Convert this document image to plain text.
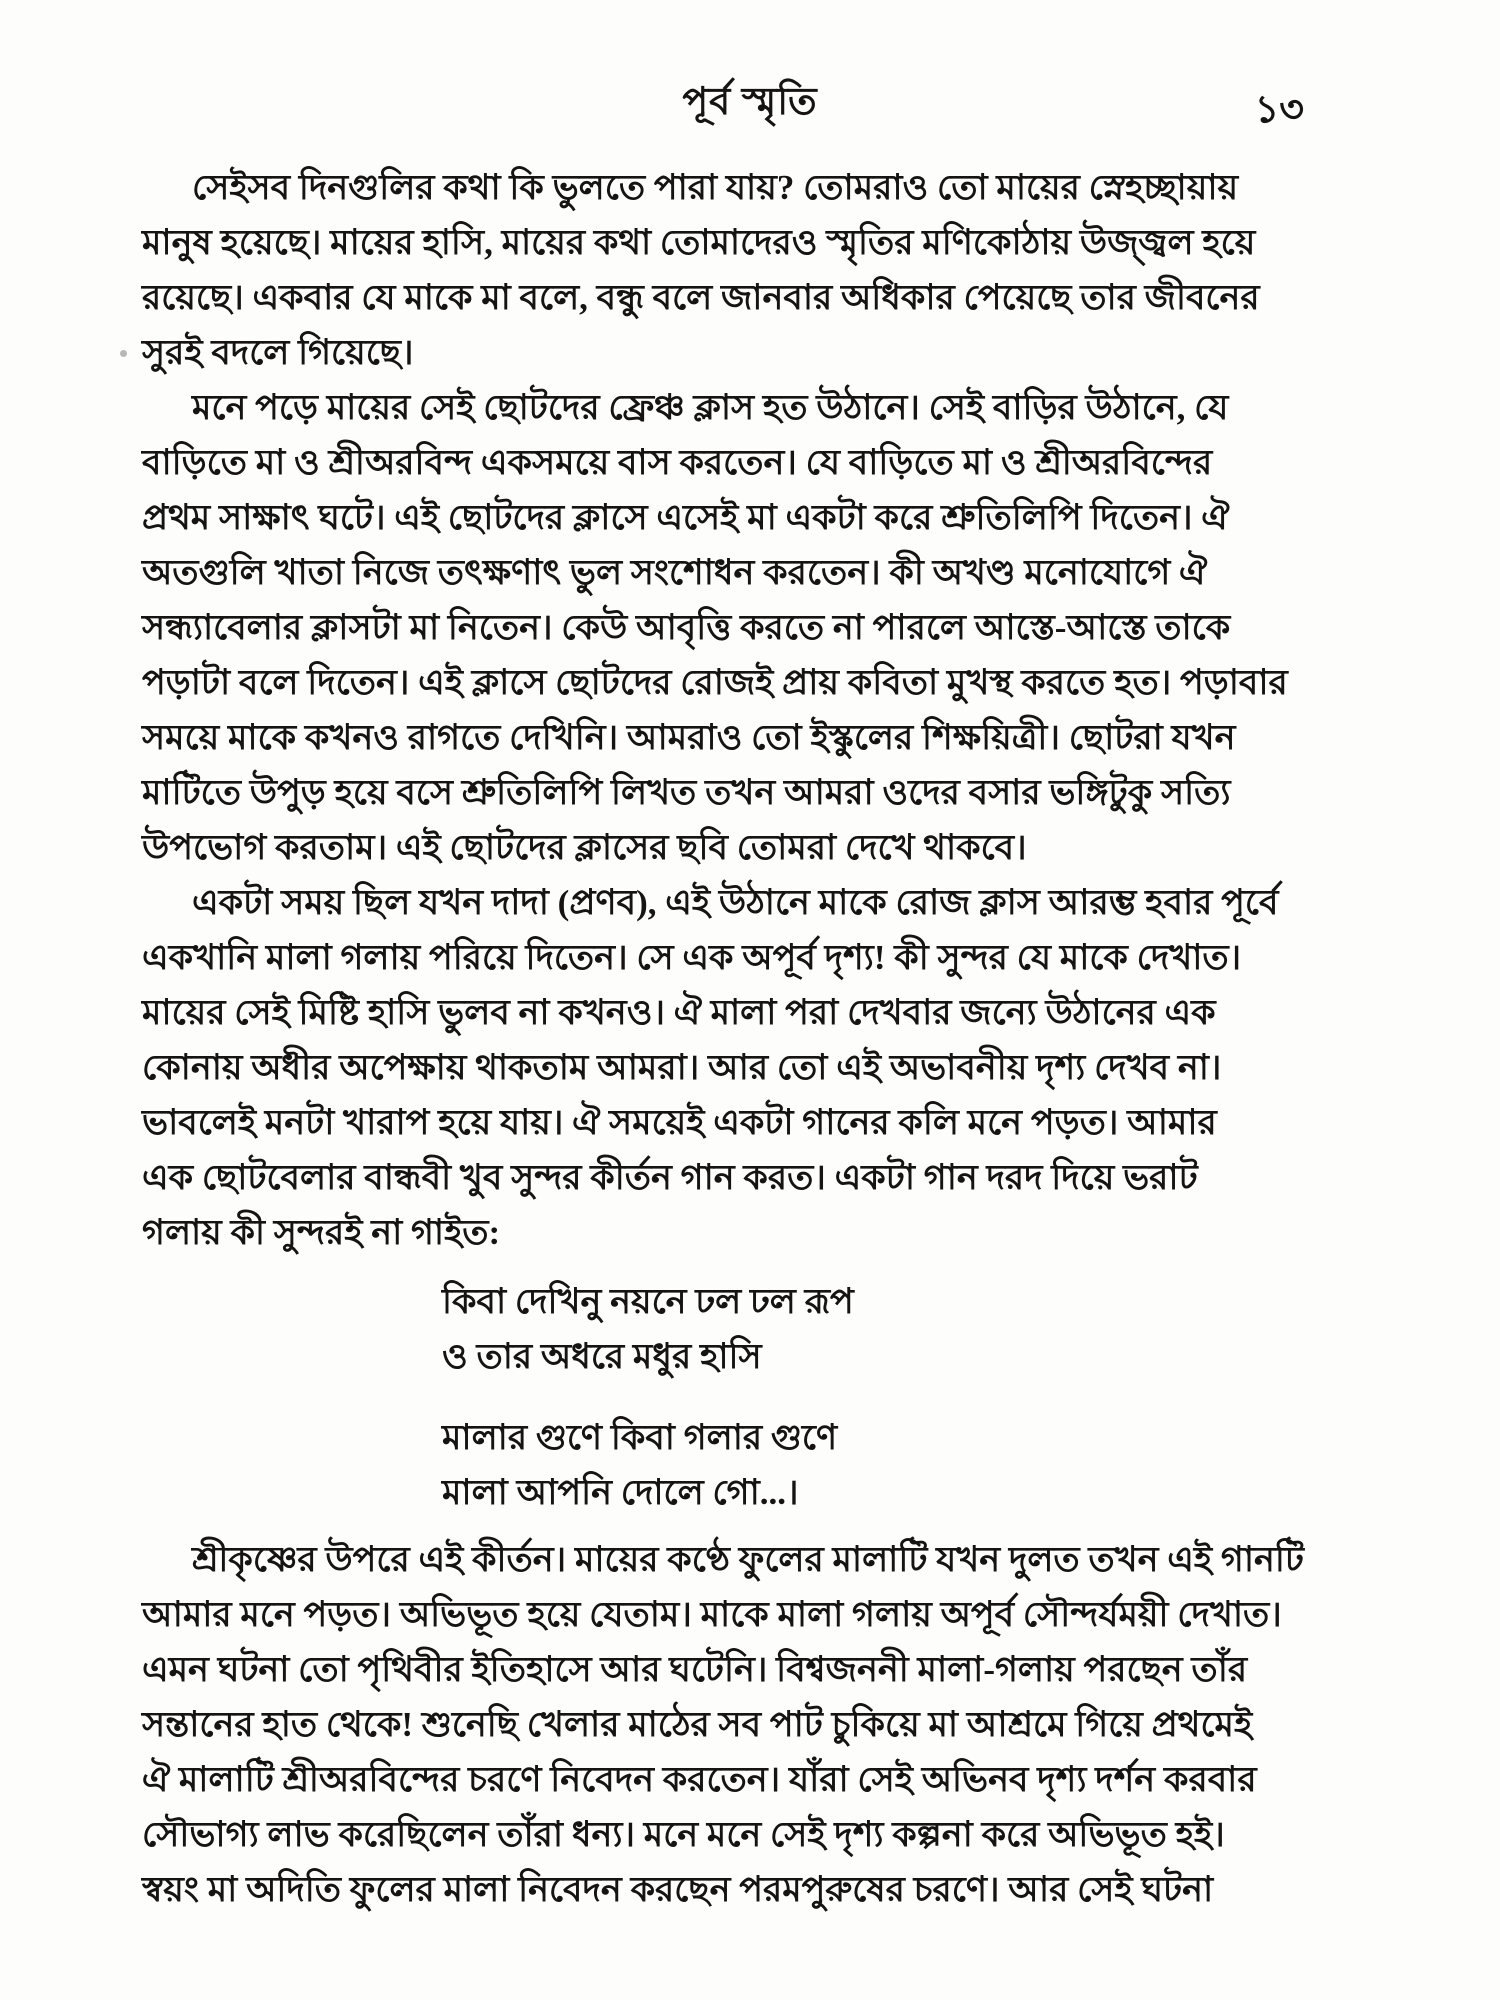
পূর্ব স্মৃতি	১৩
সেইসব দিনগুলির কথা কি ভুলতে পারা যায়? তোমরাও তো মায়ের স্নেহচ্ছায়ায়
মানুষ হয়েছে। মায়ের হাসি, মায়ের কথা তোমাদেরও স্মৃতির মণিকোঠায় উজ্জ্বল হয়ে
রয়েছে। একবার যে মাকে মা বলে, বন্ধু বলে জানবার অধিকার পেয়েছে তার জীবনের
সুরই বদলে গিয়েছে।
মনে পড়ে মায়ের সেই ছোটদের ফ্রেঞ্চ ক্লাস হত উঠানে। সেই বাড়ির উঠানে, যে
বাড়িতে মা ও শ্রীঅরবিন্দ একসময়ে বাস করতেন। যে বাড়িতে মা ও শ্রীঅরবিন্দের
প্রথম সাক্ষাৎ ঘটে। এই ছোটদের ক্লাসে এসেই মা একটা করে শ্রুতিলিপি দিতেন। ঐ
অতগুলি খাতা নিজে তৎক্ষণাৎ ভুল সংশোধন করতেন। কী অখণ্ড মনোযোগে ঐ
সন্ধ্যাবেলার ক্লাসটা মা নিতেন। কেউ আবৃত্তি করতে না পারলে আস্তে-আস্তে তাকে
পড়াটা বলে দিতেন। এই ক্লাসে ছোটদের রোজই প্রায় কবিতা মুখস্থ করতে হত। পড়াবার
সময়ে মাকে কখনও রাগতে দেখিনি। আমরাও তো ইস্কুলের শিক্ষয়িত্রী। ছোটরা যখন
মাটিতে উপুড় হয়ে বসে শ্রুতিলিপি লিখত তখন আমরা ওদের বসার ভঙ্গিটুকু সত্যি
উপভোগ করতাম। এই ছোটদের ক্লাসের ছবি তোমরা দেখে থাকবে।
একটা সময় ছিল যখন দাদা (প্রণব), এই উঠানে মাকে রোজ ক্লাস আরম্ভ হবার পূর্বে
একখানি মালা গলায় পরিয়ে দিতেন। সে এক অপূর্ব দৃশ্য! কী সুন্দর যে মাকে দেখাত।
মায়ের সেই মিষ্টি হাসি ভুলব না কখনও। ঐ মালা পরা দেখবার জন্যে উঠানের এক
কোনায় অধীর অপেক্ষায় থাকতাম আমরা। আর তো এই অভাবনীয় দৃশ্য দেখব না।
ভাবলেই মনটা খারাপ হয়ে যায়। ঐ সময়েই একটা গানের কলি মনে পড়ত। আমার
এক ছোটবেলার বান্ধবী খুব সুন্দর কীর্তন গান করত। একটা গান দরদ দিয়ে ভরাট
গলায় কী সুন্দরই না গাইত:
কিবা দেখিনু নয়নে ঢল ঢল রূপ
ও তার অধরে মধুর হাসি
মালার গুণে কিবা গলার গুণে
মালা আপনি দোলে গো...।
শ্রীকৃষ্ণের উপরে এই কীর্তন। মায়ের কণ্ঠে ফুলের মালাটি যখন দুলত তখন এই গানটি
আমার মনে পড়ত। অভিভূত হয়ে যেতাম। মাকে মালা গলায় অপূর্ব সৌন্দর্যময়ী দেখাত।
এমন ঘটনা তো পৃথিবীর ইতিহাসে আর ঘটেনি। বিশ্বজননী মালা-গলায় পরছেন তাঁর
সন্তানের হাত থেকে! শুনেছি খেলার মাঠের সব পাট চুকিয়ে মা আশ্রমে গিয়ে প্রথমেই
ঐ মালাটি শ্রীঅরবিন্দের চরণে নিবেদন করতেন। যাঁরা সেই অভিনব দৃশ্য দর্শন করবার
সৌভাগ্য লাভ করেছিলেন তাঁরা ধন্য। মনে মনে সেই দৃশ্য কল্পনা করে অভিভূত হই।
স্বয়ং মা অদিতি ফুলের মালা নিবেদন করছেন পরমপুরুষের চরণে। আর সেই ঘটনা
